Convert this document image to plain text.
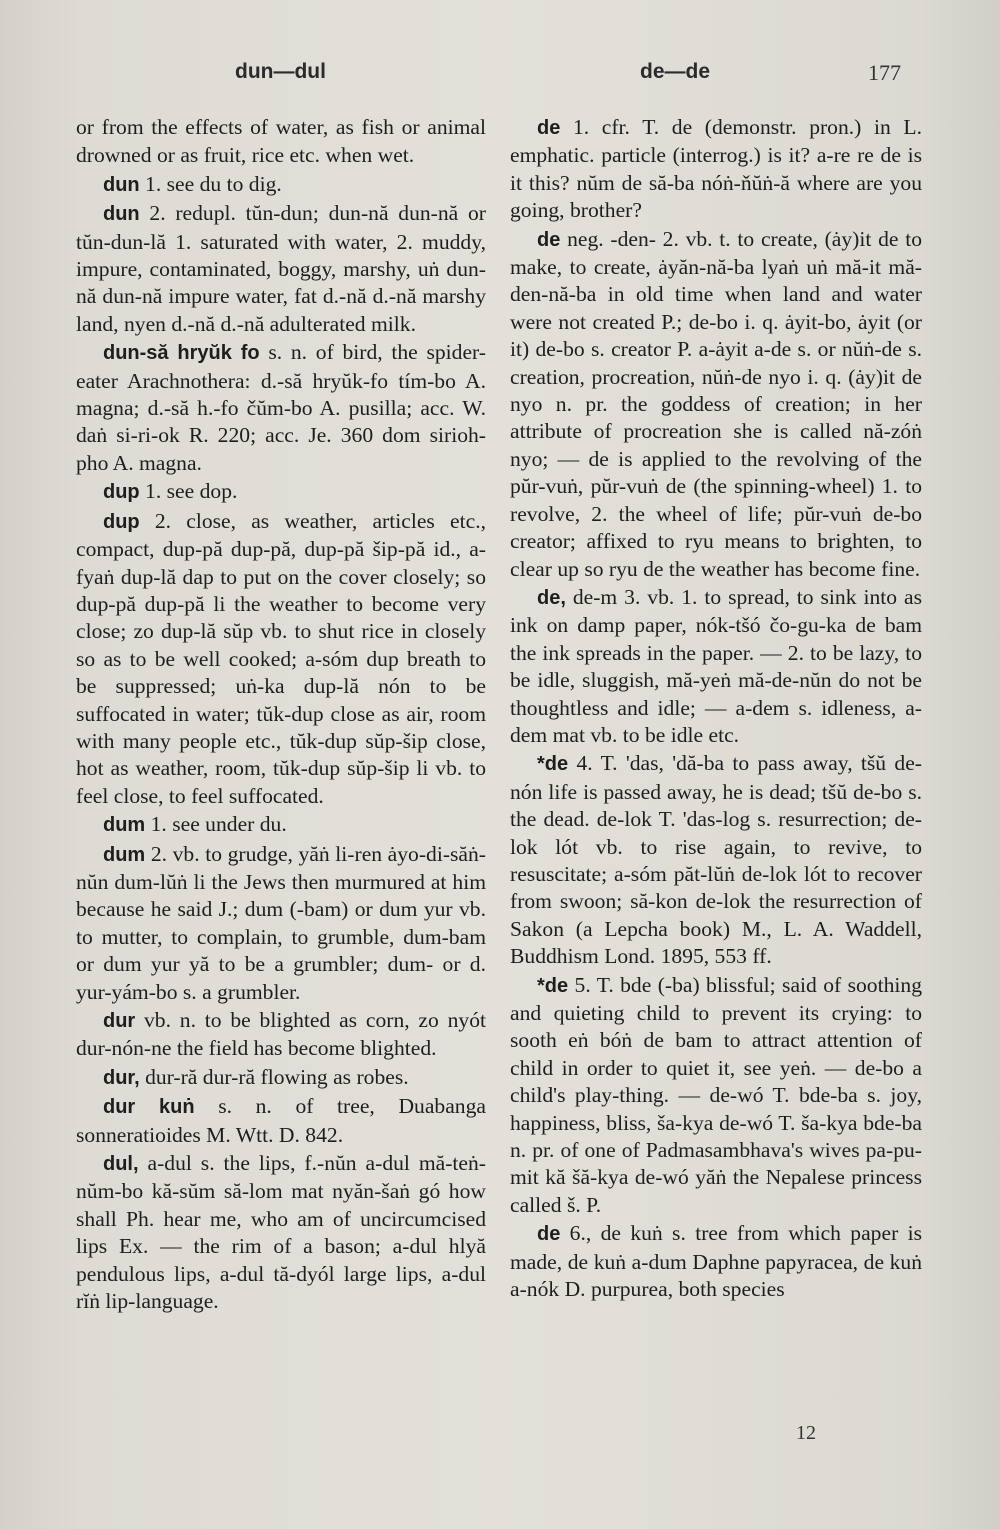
dun—dul	de—de	177

or from the effects of water, as fish or animal drowned or as fruit, rice etc. when wet.

dun 1. see du to dig.

dun 2. redupl. tŭn-dun; dun-nă dun-nă or tŭn-dun-lă 1. saturated with water, 2. muddy, impure, contaminated, boggy, marshy, uṅ dun-nă dun-nă impure water, fat d.-nă d.-nă marshy land, nyen d.-nă d.-nă adulterated milk.

dun-să hryŭk fo s. n. of bird, the spider-eater Arachnothera: d.-să hryŭk-fo tím-bo A. magna; d.-să h.-fo čŭm-bo A. pusilla; acc. W. daṅ si-ri-ok R. 220; acc. Je. 360 dom sirioh-pho A. magna.

dup 1. see dop.

dup 2. close, as weather, articles etc., compact, dup-pă dup-pă, dup-pă šip-pă id., a-fyaṅ dup-lă dap to put on the cover closely; so dup-pă dup-pă li the weather to become very close; zo dup-lă sŭp vb. to shut rice in closely so as to be well cooked; a-sóm dup breath to be suppressed; uṅ-ka dup-lă nón to be suffocated in water; tŭk-dup close as air, room with many people etc., tŭk-dup sŭp-šip close, hot as weather, room, tŭk-dup sŭp-šip li vb. to feel close, to feel suffocated.

dum 1. see under du.

dum 2. vb. to grudge, yăṅ li-ren ȧyo-di-săṅ-nŭn dum-lŭṅ li the Jews then murmured at him because he said J.; dum (-bam) or dum yur vb. to mutter, to complain, to grumble, dum-bam or dum yur yă to be a grumbler; dum- or d. yur-yám-bo s. a grumbler.

dur vb. n. to be blighted as corn, zo nyót dur-nón-ne the field has become blighted.

dur, dur-ră dur-ră flowing as robes.

dur kuṅ s. n. of tree, Duabanga sonneratioides M. Wtt. D. 842.

dul, a-dul s. the lips, f.-nŭn a-dul mă-teṅ-nŭm-bo kă-sŭm să-lom mat nyăn-šaṅ gó how shall Ph. hear me, who am of uncircumcised lips Ex. — the rim of a bason; a-dul hlyă pendulous lips, a-dul tă-dyól large lips, a-dul rĭṅ lip-language.

de 1. cfr. T. de (demonstr. pron.) in L. emphatic. particle (interrog.) is it? a-re re de is it this? nŭm de să-ba nóṅ-ňŭṅ-ă where are you going, brother?

de neg. -den- 2. vb. t. to create, (ȧy)it de to make, to create, ȧyăn-nă-ba lyaṅ uṅ mă-it mă-den-nă-ba in old time when land and water were not created P.; de-bo i. q. ȧyit-bo, ȧyit (or it) de-bo s. creator P. a-ȧyit a-de s. or nŭṅ-de s. creation, procreation, nŭṅ-de nyo i. q. (ȧy)it de nyo n. pr. the goddess of creation; in her attribute of procreation she is called nă-zóṅ nyo; — de is applied to the revolving of the pŭr-vuṅ, pŭr-vuṅ de (the spinning-wheel) 1. to revolve, 2. the wheel of life; pŭr-vuṅ de-bo creator; affixed to ryu means to brighten, to clear up so ryu de the weather has become fine.

de, de-m 3. vb. 1. to spread, to sink into as ink on damp paper, nók-tšó čo-gu-ka de bam the ink spreads in the paper. — 2. to be lazy, to be idle, sluggish, mă-yeṅ mă-de-nŭn do not be thoughtless and idle; — a-dem s. idleness, a-dem mat vb. to be idle etc.

*de 4. T. 'das, 'dă-ba to pass away, tšŭ de-nón life is passed away, he is dead; tšŭ de-bo s. the dead. de-lok T. 'das-log s. resurrection; de-lok lót vb. to rise again, to revive, to resuscitate; a-sóm păt-lŭṅ de-lok lót to recover from swoon; să-kon de-lok the resurrection of Sakon (a Lepcha book) M., L. A. Waddell, Buddhism Lond. 1895, 553 ff.

*de 5. T. bde (-ba) blissful; said of soothing and quieting child to prevent its crying: to sooth eṅ bóṅ de bam to attract attention of child in order to quiet it, see yeṅ. — de-bo a child's play-thing. — de-wó T. bde-ba s. joy, happiness, bliss, ša-kya de-wó T. ša-kya bde-ba n. pr. of one of Padmasambhava's wives pa-pu-mit kă šă-kya de-wó yăṅ the Nepalese princess called š. P.

de 6., de kuṅ s. tree from which paper is made, de kuṅ a-dum Daphne papyracea, de kuṅ a-nók D. purpurea, both species

12
